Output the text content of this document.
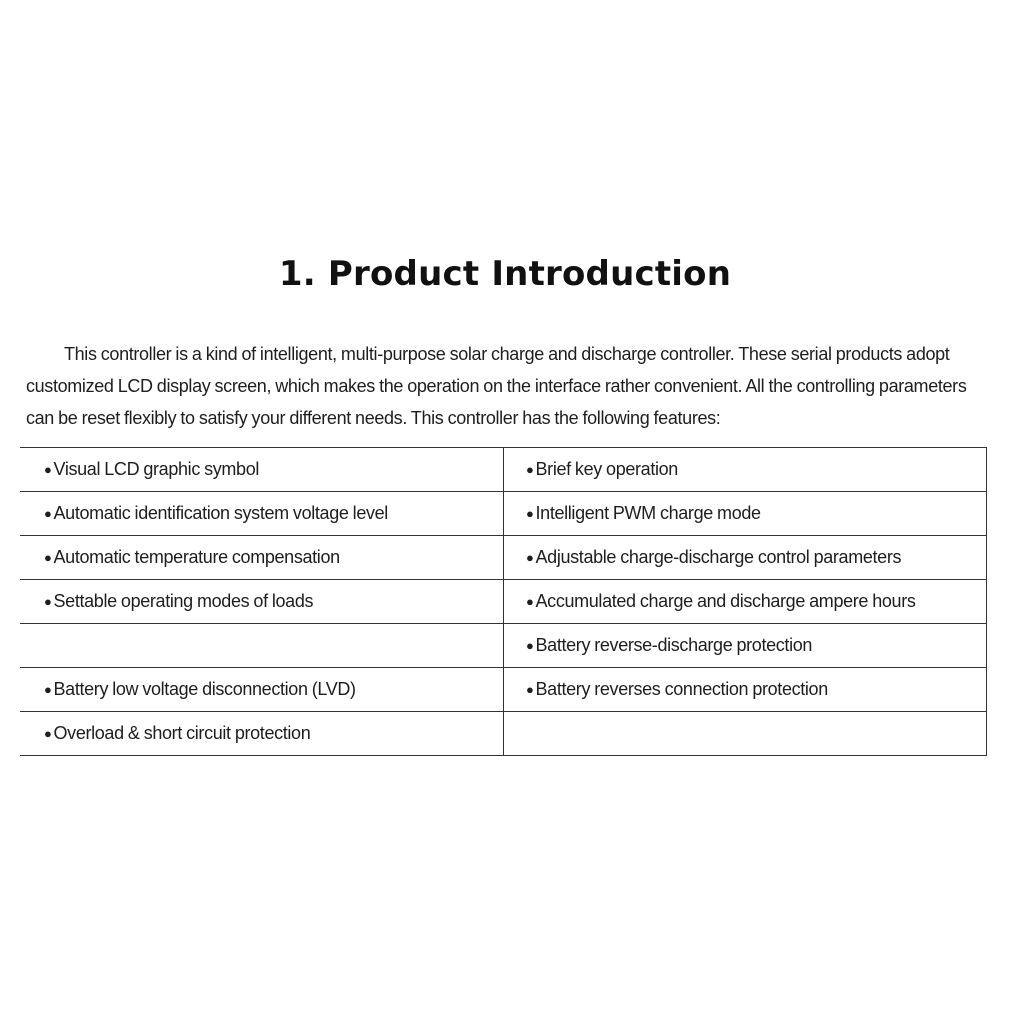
1. Product Introduction

This controller is a kind of intelligent, multi-purpose solar charge and discharge controller. These serial products adopt customized LCD display screen, which makes the operation on the interface rather convenient. All the controlling parameters can be reset flexibly to satisfy your different needs. This controller has the following features:

● Visual LCD graphic symbol	● Brief key operation
● Automatic identification system voltage level	● Intelligent PWM charge mode
● Automatic temperature compensation	● Adjustable charge-discharge control parameters
● Settable operating modes of loads	● Accumulated charge and discharge ampere hours
	● Battery reverse-discharge protection
● Battery low voltage disconnection (LVD)	● Battery reverses connection protection
● Overload & short circuit protection	
